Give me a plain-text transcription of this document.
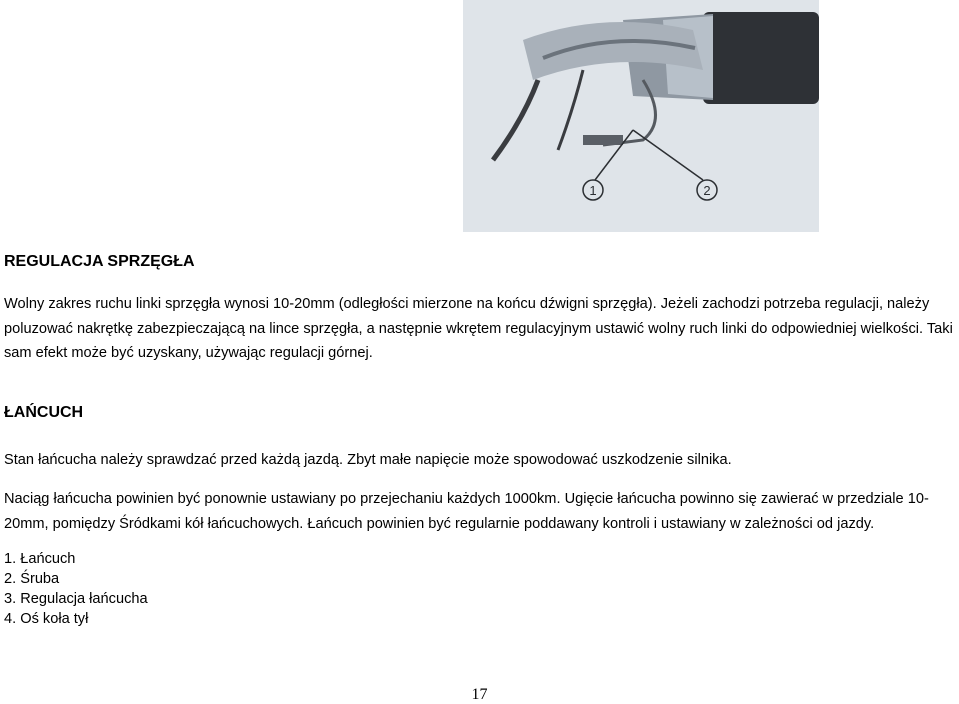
1	2
REGULACJA SPRZĘGŁA
Wolny zakres ruchu linki sprzęgła wynosi 10-20mm (odległości mierzone na końcu dźwigni sprzęgła). Jeżeli zachodzi potrzeba regulacji, należy poluzować nakrętkę zabezpieczającą na lince sprzęgła, a następnie wkrętem regulacyjnym ustawić wolny ruch linki do odpowiedniej wielkości. Taki sam efekt może być uzyskany, używając regulacji górnej.
ŁAŃCUCH
Stan łańcucha należy sprawdzać przed każdą jazdą. Zbyt małe napięcie może spowodować uszkodzenie silnika.
Naciąg łańcucha powinien być ponownie ustawiany po przejechaniu każdych 1000km. Ugięcie łańcucha powinno się zawierać w przedziale 10-20mm, pomiędzy Śródkami kół łańcuchowych. Łańcuch powinien być regularnie poddawany kontroli i ustawiany w zależności od jazdy.
1. Łańcuch
2. Śruba
3. Regulacja łańcucha
4. Oś koła tył
17
